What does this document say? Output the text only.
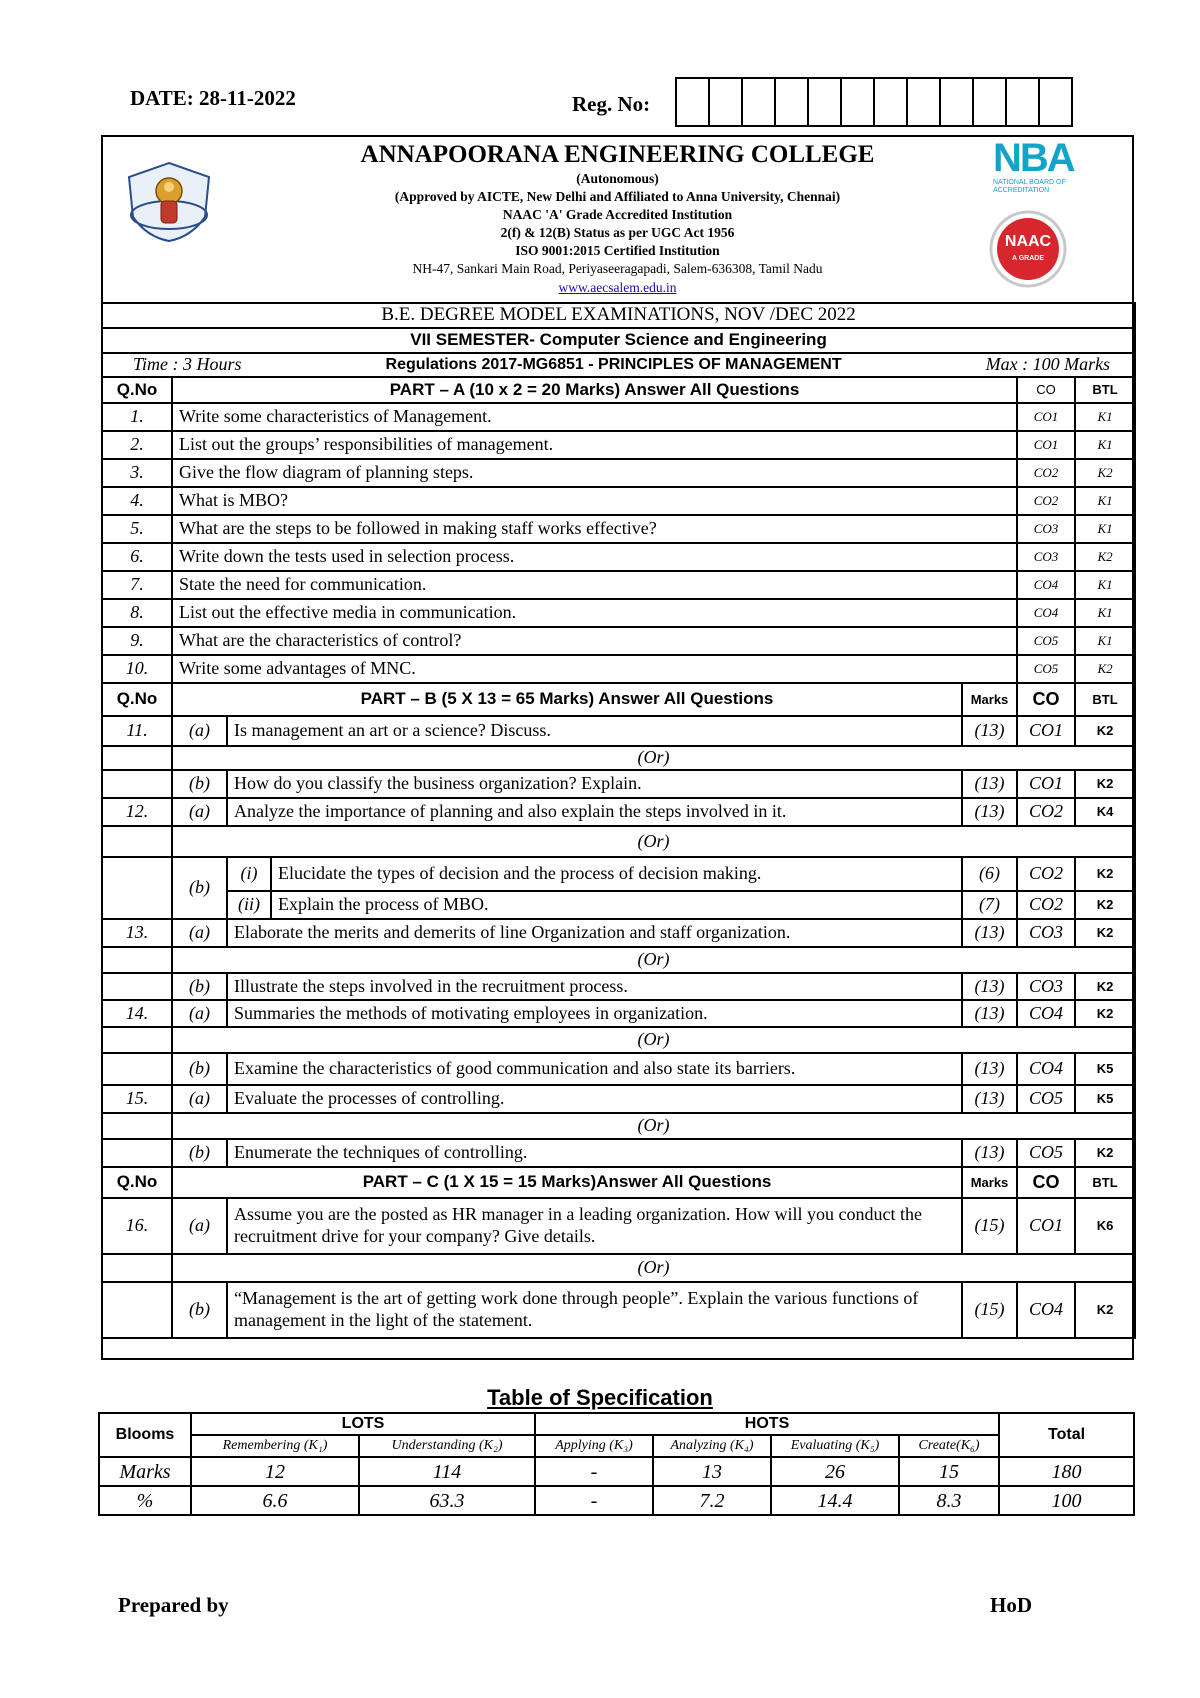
DATE: 28-11-2022	Reg. No:
ANNAPOORANA ENGINEERING COLLEGE
(Autonomous)
(Approved by AICTE, New Delhi and Affiliated to Anna University, Chennai)
NAAC 'A' Grade Accredited Institution
2(f) & 12(B) Status as per UGC Act 1956
ISO 9001:2015 Certified Institution
NH-47, Sankari Main Road, Periyaseeragapadi, Salem-636308, Tamil Nadu
www.aecsalem.edu.in
NBA
NATIONAL BOARD OF ACCREDITATION
NAAC
A GRADE
B.E. DEGREE MODEL EXAMINATIONS, NOV /DEC 2022						
VII SEMESTER- Computer Science and Engineering						

Time : 3 Hours Regulations 2017-MG6851 - PRINCIPLES OF MANAGEMENT Max : 100 Marks						

Q.No	PART – A (10 x 2 = 20 Marks) Answer All Questions				CO	BTL
1.	Write some characteristics of Management.				CO1	K1
2.	List out the groups’ responsibilities of management.				CO1	K1
3.	Give the flow diagram of planning steps.				CO2	K2
4.	What is MBO?				CO2	K1
5.	What are the steps to be followed in making staff works effective?				CO3	K1
6.	Write down the tests used in selection process.				CO3	K2
7.	State the need for communication.				CO4	K1
8.	List out the effective media in communication.				CO4	K1
9.	What are the characteristics of control?				CO5	K1
10.	Write some advantages of MNC.				CO5	K2
Q.No	PART – B (5 X 13 = 65 Marks) Answer All Questions			Marks	CO	BTL
11.	(a)	Is management an art or a science? Discuss.		(13)	CO1	K2
	(Or)					
	(b)	How do you classify the business organization? Explain.		(13)	CO1	K2
12.	(a)	Analyze the importance of planning and also explain the steps involved in it.		(13)	CO2	K4
	(Or)					
	(b)	(i)	Elucidate the types of decision and the process of decision making.	(6)	CO2	K2
		(ii)	Explain the process of MBO.	(7)	CO2	K2
13.	(a)	Elaborate the merits and demerits of line Organization and staff organization.		(13)	CO3	K2
	(Or)					
	(b)	Illustrate the steps involved in the recruitment process.		(13)	CO3	K2
14.	(a)	Summaries the methods of motivating employees in organization.		(13)	CO4	K2
	(Or)					
	(b)	Examine the characteristics of good communication and also state its barriers.		(13)	CO4	K5
15.	(a)	Evaluate the processes of controlling.		(13)	CO5	K5
	(Or)					
	(b)	Enumerate the techniques of controlling.		(13)	CO5	K2
Q.No	PART – C (1 X 15 = 15 Marks)Answer All Questions			Marks	CO	BTL
16.	(a)	Assume you are the posted as HR manager in a leading organization. How will you conduct the recruitment drive for your company? Give details.		(15)	CO1	K6
	(Or)					
	(b)	“Management is the art of getting work done through people”. Explain the various functions of management in the light of the statement.		(15)	CO4	K2
Table of Specification
Blooms	LOTS		HOTS				Total
	Remembering (K₁)	Understanding (K₂)	Applying (K₃)	Analyzing (K₄)	Evaluating (K₅)	Create(K₆)	
Marks	12	114	-	13	26	15	180
%	6.6	63.3	-	7.2	14.4	8.3	100
Prepared by	HoD
